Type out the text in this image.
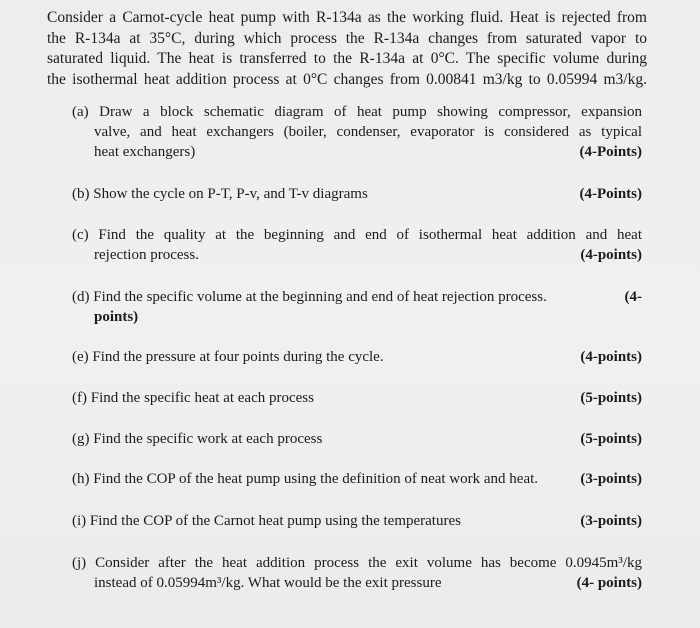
Consider a Carnot-cycle heat pump with R-134a as the working fluid. Heat is rejected from
the R-134a at 35°C, during which process the R-134a changes from saturated vapor to
saturated liquid. The heat is transferred to the R-134a at 0°C. The specific volume during
the isothermal heat addition process at 0°C changes from 0.00841 m3/kg to 0.05994 m3/kg.
(a) Draw a block schematic diagram of heat pump showing compressor, expansion
valve, and heat exchangers (boiler, condenser, evaporator is considered as typical
heat exchangers)	(4-Points)
(b) Show the cycle on P-T, P-v, and T-v diagrams	(4-Points)
(c) Find the quality at the beginning and end of isothermal heat addition and heat
rejection process.	(4-points)
(d) Find the specific volume at the beginning and end of heat rejection process.	(4-
points)
(e) Find the pressure at four points during the cycle.	(4-points)
(f) Find the specific heat at each process	(5-points)
(g) Find the specific work at each process	(5-points)
(h) Find the COP of the heat pump using the definition of neat work and heat.	(3-points)
(i) Find the COP of the Carnot heat pump using the temperatures	(3-points)
(j) Consider after the heat addition process the exit volume has become 0.0945m³/kg
instead of 0.05994m³/kg. What would be the exit pressure	(4- points)
